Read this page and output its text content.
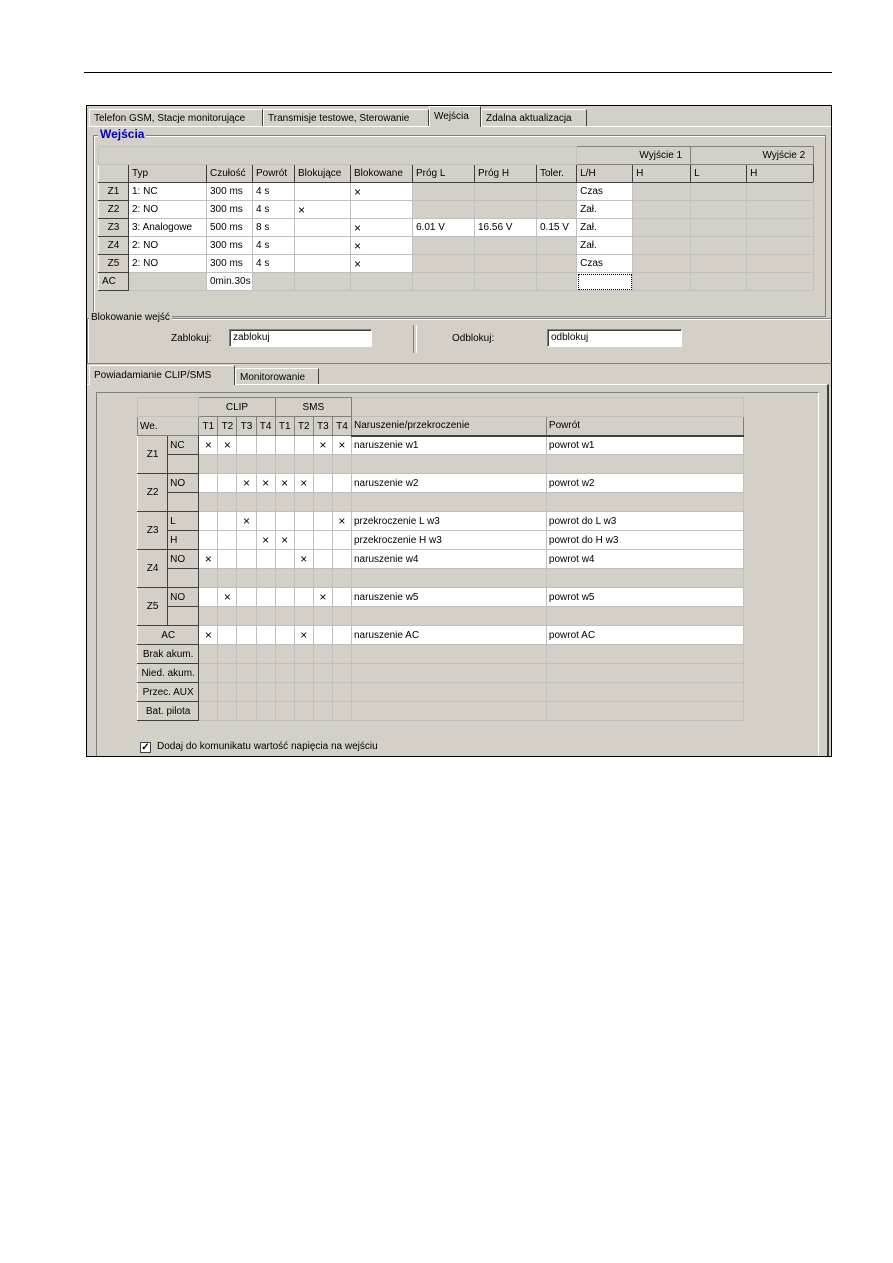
Telefon GSM, Stacje monitorujące	Transmisje testowe, Sterowanie	Wejścia	Zdalna aktualizacja
Wejścia
									Wyjście 1		Wyjście 2		
	Typ	Czułość	Powrót	Blokujące	Blokowane	Próg L	Próg H	Toler.	L/H	H	L	H	
Z1	1: NC	300 ms	4 s		×				Czas				
Z2	2: NO	300 ms	4 s	×					Zał.				
Z3	3: Analogowe	500 ms	8 s		×	6.01 V	16.56 V	0.15 V	Zał.				
Z4	2: NO	300 ms	4 s		×				Zał.				
Z5	2: NO	300 ms	4 s		×				Czas				
AC		0min.30s											
Blokowanie wejść
Zablokuj:	zablokuj	Odblokuj:	odblokuj
Powiadamianie CLIP/SMS	Monitorowanie
		CLIP				SMS					
We.		T1	T2	T3	T4	T1	T2	T3	T4	Naruszenie/przekroczenie	Powrót
Z1	NC	×	×					×	×	naruszenie w1	powrot w1

Z2	NO			×	×	×	×			naruszenie w2	powrot w2

Z3	L			×					×	przekroczenie L w3	powrot do L w3
	H				×	×				przekroczenie H w3	powrot do H w3
Z4	NO	×					×			naruszenie w4	powrot w4

Z5	NO		×					×		naruszenie w5	powrot w5

AC		×					×			naruszenie AC	powrot AC
Brak akum.											
Nied. akum.											
Przec. AUX											
Bat. pilota											
✓ Dodaj do komunikatu wartość napięcia na wejściu
